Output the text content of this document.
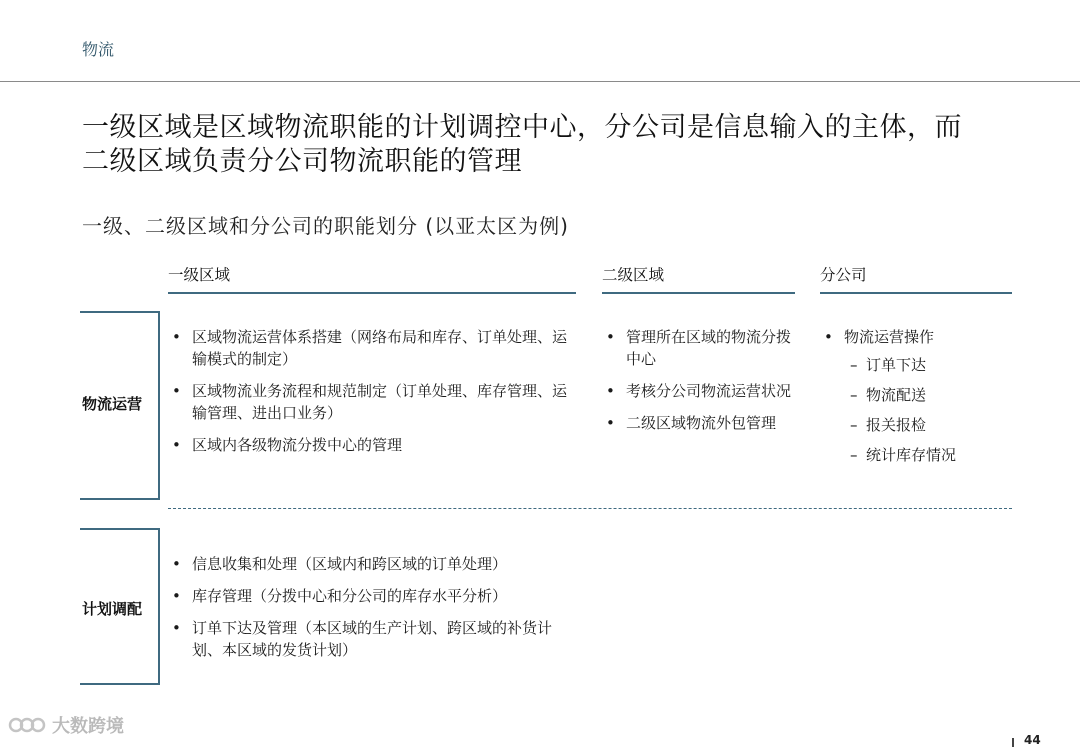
物流
一级区域是区域物流职能的计划调控中心，分公司是信息输入的主体，而
二级区域负责分公司物流职能的管理
一级、二级区域和分公司的职能划分 (以亚太区为例)
一级区域	二级区域	分公司
物流运营
• 区域物流运营体系搭建（网络布局和库存、订单处理、运输模式的制定）
• 区域物流业务流程和规范制定（订单处理、库存管理、运输管理、进出口业务）
• 区域内各级物流分拨中心的管理
• 管理所在区域的物流分拨中心
• 考核分公司物流运营状况
• 二级区域物流外包管理
• 物流运营操作
– 订单下达
– 物流配送
– 报关报检
– 统计库存情况
计划调配
• 信息收集和处理（区域内和跨区域的订单处理）
• 库存管理（分拨中心和分公司的库存水平分析）
• 订单下达及管理（本区域的生产计划、跨区域的补货计划、本区域的发货计划）
大数跨境
44
